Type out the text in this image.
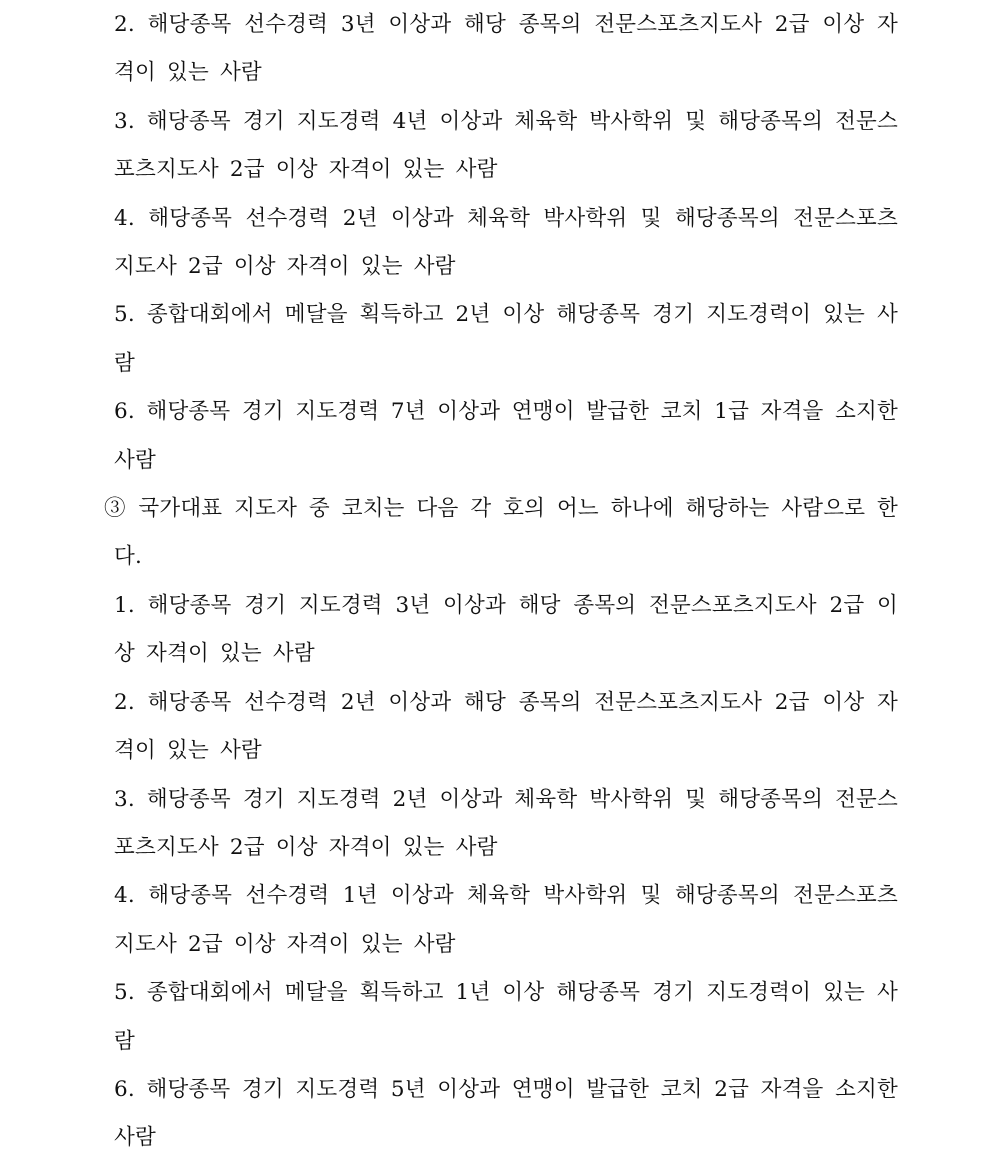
2. 해당종목 선수경력 3년 이상과 해당 종목의 전문스포츠지도사 2급 이상 자격이 있는 사람
3. 해당종목 경기 지도경력 4년 이상과 체육학 박사학위 및 해당종목의 전문스포츠지도사 2급 이상 자격이 있는 사람
4. 해당종목 선수경력 2년 이상과 체육학 박사학위 및 해당종목의 전문스포츠지도사 2급 이상 자격이 있는 사람
5. 종합대회에서 메달을 획득하고 2년 이상 해당종목 경기 지도경력이 있는 사람
6. 해당종목 경기 지도경력 7년 이상과 연맹이 발급한 코치 1급 자격을 소지한 사람
③ 국가대표 지도자 중 코치는 다음 각 호의 어느 하나에 해당하는 사람으로 한다.
1. 해당종목 경기 지도경력 3년 이상과 해당 종목의 전문스포츠지도사 2급 이상 자격이 있는 사람
2. 해당종목 선수경력 2년 이상과 해당 종목의 전문스포츠지도사 2급 이상 자격이 있는 사람
3. 해당종목 경기 지도경력 2년 이상과 체육학 박사학위 및 해당종목의 전문스포츠지도사 2급 이상 자격이 있는 사람
4. 해당종목 선수경력 1년 이상과 체육학 박사학위 및 해당종목의 전문스포츠지도사 2급 이상 자격이 있는 사람
5. 종합대회에서 메달을 획득하고 1년 이상 해당종목 경기 지도경력이 있는 사람
6. 해당종목 경기 지도경력 5년 이상과 연맹이 발급한 코치 2급 자격을 소지한 사람
